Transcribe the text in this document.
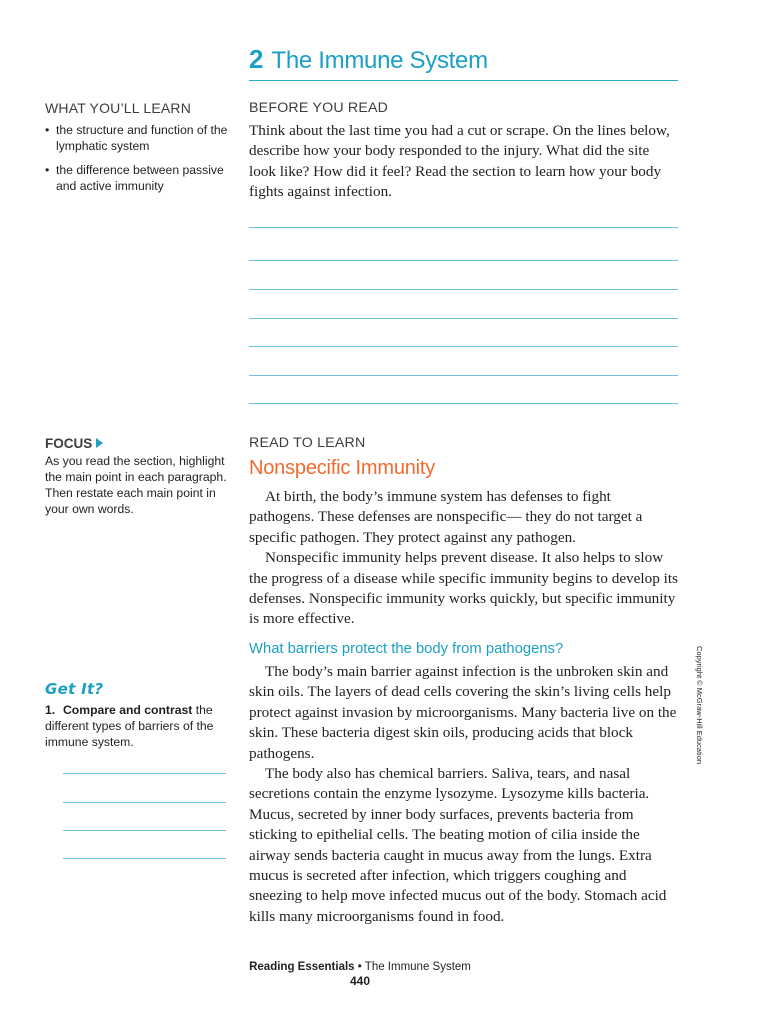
2 The Immune System
WHAT YOU’LL LEARN
• the structure and function of the lymphatic system
• the difference between passive and active immunity
BEFORE YOU READ

Think about the last time you had a cut or scrape. On the lines below, describe how your body responded to the injury. What did the site look like? How did it feel? Read the section to learn how your body fights against infection.

FOCUS
As you read the section, highlight the main point in each paragraph. Then restate each main point in your own words.
READ TO LEARN
Nonspecific Immunity

At birth, the body’s immune system has defenses to fight pathogens. These defenses are nonspecific— they do not target a specific pathogen. They protect against any pathogen.

Nonspecific immunity helps prevent disease. It also helps to slow the progress of a disease while specific immunity begins to develop its defenses. Nonspecific immunity works quickly, but specific immunity is more effective.

What barriers protect the body from pathogens?

The body’s main barrier against infection is the unbroken skin and skin oils. The layers of dead cells covering the skin’s living cells help protect against invasion by microorganisms. Many bacteria live on the skin. These bacteria digest skin oils, producing acids that block pathogens.

The body also has chemical barriers. Saliva, tears, and nasal secretions contain the enzyme lysozyme. Lysozyme kills bacteria. Mucus, secreted by inner body surfaces, prevents bacteria from sticking to epithelial cells. The beating motion of cilia inside the airway sends bacteria caught in mucus away from the lungs. Extra mucus is secreted after infection, which triggers coughing and sneezing to help move infected mucus out of the body. Stomach acid kills many microorganisms found in food.

Get It?
1. Compare and contrast the different types of barriers of the immune system.	Copyright © McGraw-Hill Education
Reading Essentials • The Immune System
440
